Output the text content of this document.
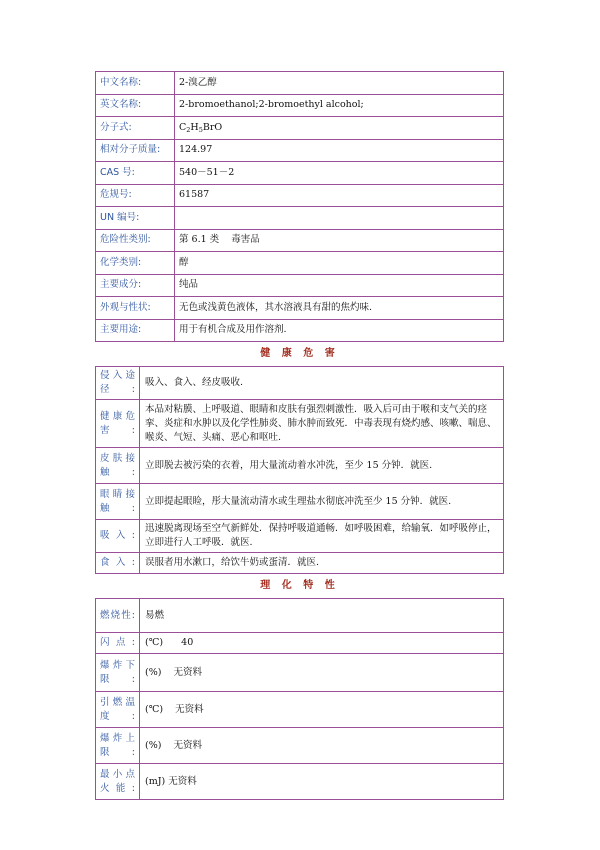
中文名称:	2-溴乙醇
英文名称:	2-bromoethanol;2-bromoethyl alcohol;
分子式:	$C_2H_5BrO$
相对分子质量:	124.97
CAS 号:	540－51－2
危规号:	61587
UN 编号:	
危险性类别:	第 6.1 类    毒害品
化学类别:	醇
主要成分:	纯品
外观与性状:	无色或浅黄色液体，其水溶液具有甜的焦灼味.
主要用途:	用于有机合成及用作溶剂.
健 康 危 害
侵入途径:	吸入、食入、经皮吸收.
健康危害:	本品对粘膜、上呼吸道、眼睛和皮肤有强烈刺激性．吸入后可由于喉和支气关的痉挛、炎症和水肿以及化学性肺炎、肺水肿而致死．中毒表现有烧灼感、咳嗽、喘息、喉炎、气短、头痛、恶心和呕吐.
皮肤接触:	立即脱去被污染的衣着，用大量流动着水冲洗，至少 15 分钟．就医.
眼睛接触:	立即提起眼睑，彤大量流动清水或生理盐水彻底冲洗至少 15 分钟．就医.
吸入:	迅速脱离现场至空气新鲜处．保持呼吸道通畅．如呼吸困难，给输氧．如呼吸停止，立即进行人工呼吸．就医.
食入:	误服者用水漱口，给饮牛奶或蛋清．就医.
理 化 特 性
燃烧性:	易燃
闪点:	(℃)      40
爆炸下限:	(%)    无资料
引燃温度:	(℃)    无资料
爆炸上限:	(%)    无资料
最小点火能:	(mJ) 无资料
